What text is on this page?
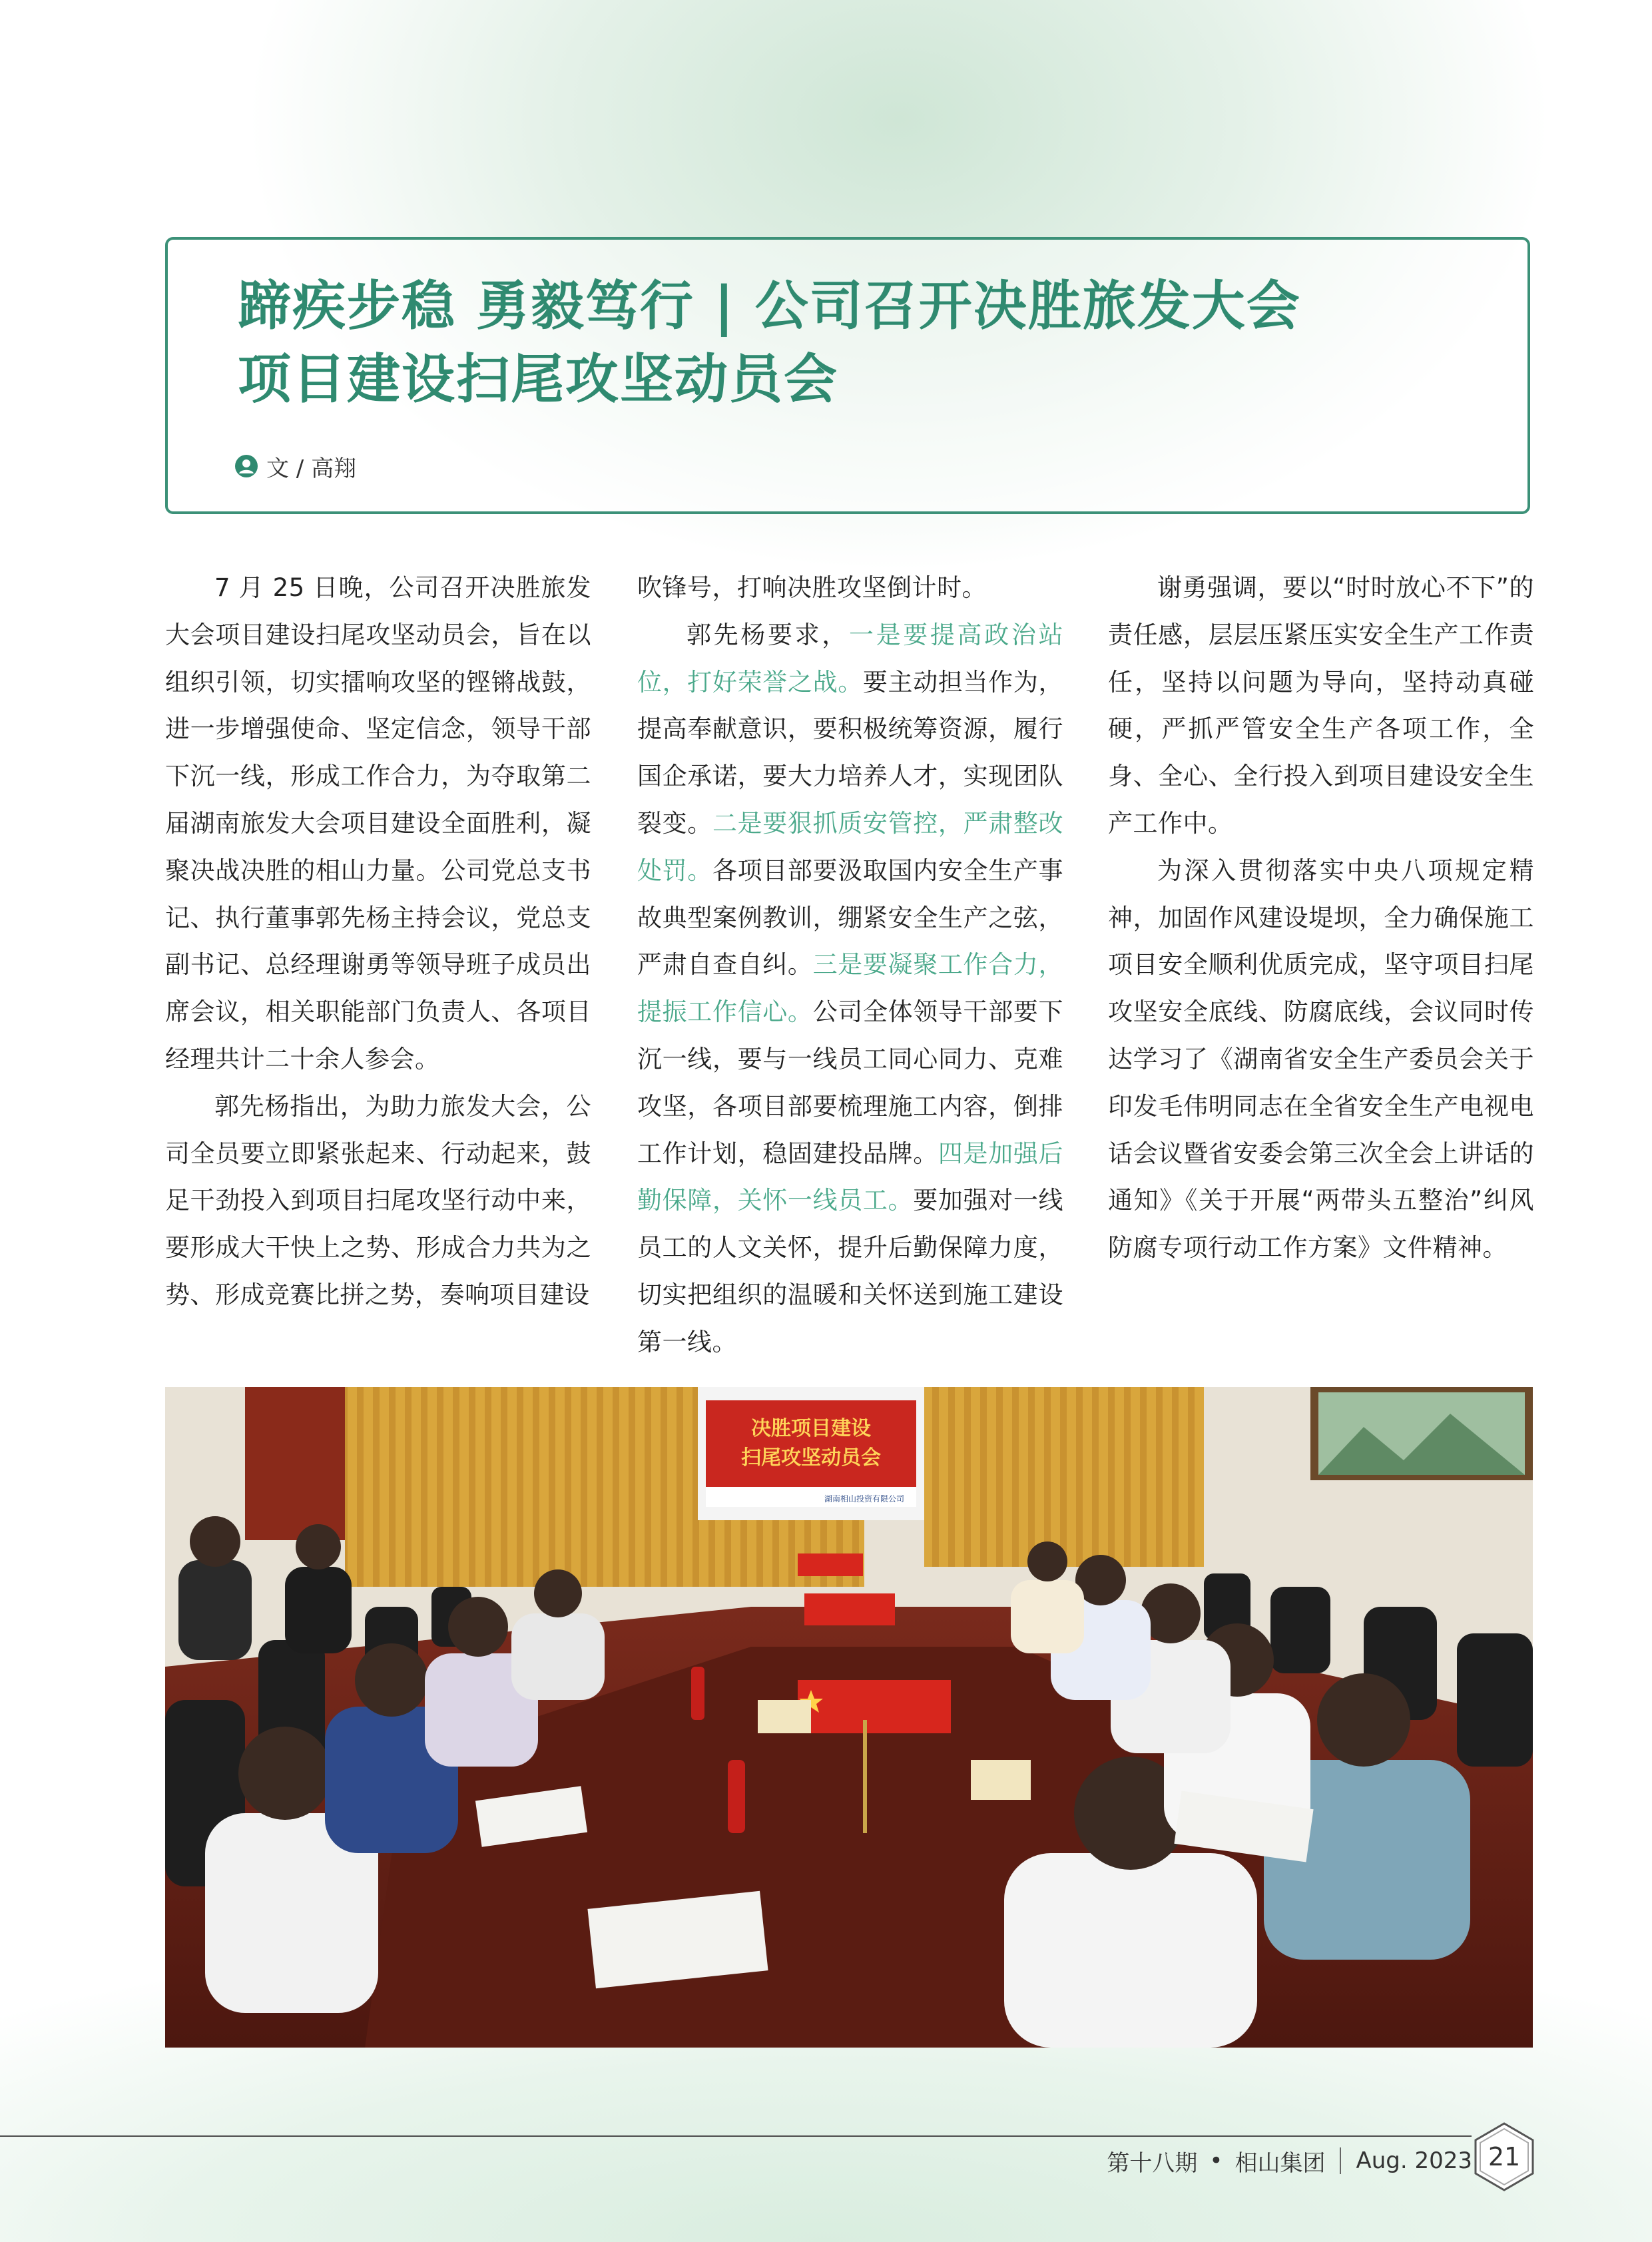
蹄疾步稳 勇毅笃行 | 公司召开决胜旅发大会
项目建设扫尾攻坚动员会
文 / 高翔

7 月 25 日晚，公司召开决胜旅发大会项目建设扫尾攻坚动员会，旨在以组织引领，切实擂响攻坚的铿锵战鼓，进一步增强使命、坚定信念，领导干部下沉一线，形成工作合力，为夺取第二届湖南旅发大会项目建设全面胜利，凝聚决战决胜的相山力量。公司党总支书记、执行董事郭先杨主持会议，党总支副书记、总经理谢勇等领导班子成员出席会议，相关职能部门负责人、各项目经理共计二十余人参会。

郭先杨指出，为助力旅发大会，公司全员要立即紧张起来、行动起来，鼓足干劲投入到项目扫尾攻坚行动中来，要形成大干快上之势、形成合力共为之势、形成竞赛比拼之势，奏响项目建设

吹锋号，打响决胜攻坚倒计时。

郭先杨要求，一是要提高政治站位，打好荣誉之战。要主动担当作为，提高奉献意识，要积极统筹资源，履行国企承诺，要大力培养人才，实现团队裂变。二是要狠抓质安管控，严肃整改处罚。各项目部要汲取国内安全生产事故典型案例教训，绷紧安全生产之弦，严肃自查自纠。三是要凝聚工作合力，提振工作信心。公司全体领导干部要下沉一线，要与一线员工同心同力、克难攻坚，各项目部要梳理施工内容，倒排工作计划，稳固建投品牌。四是加强后勤保障，关怀一线员工。要加强对一线员工的人文关怀，提升后勤保障力度，切实把组织的温暖和关怀送到施工建设第一线。

谢勇强调，要以“时时放心不下”的责任感，层层压紧压实安全生产工作责任，坚持以问题为导向，坚持动真碰硬，严抓严管安全生产各项工作，全身、全心、全行投入到项目建设安全生产工作中。

为深入贯彻落实中央八项规定精神，加固作风建设堤坝，全力确保施工项目安全顺利优质完成，坚守项目扫尾攻坚安全底线、防腐底线，会议同时传达学习了《湖南省安全生产委员会关于印发毛伟明同志在全省安全生产电视电话会议暨省安委会第三次全会上讲话的通知》《关于开展“两带头五整治”纠风防腐专项行动工作方案》文件精神。

决胜项目建设
扫尾攻坚动员会
湖南相山投资有限公司
第十八期 • 相山集团 Aug. 2023 21
